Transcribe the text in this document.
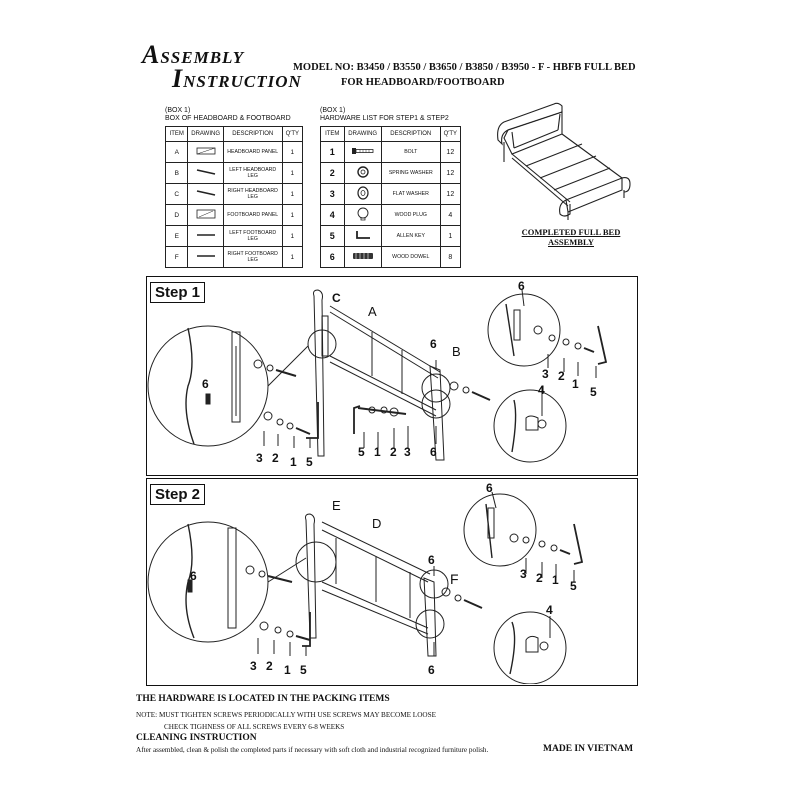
ASSEMBLY
INSTRUCTION
MODEL NO: B3450 / B3550 / B3650 / B3850 / B3950 - F - HBFB FULL BED
FOR HEADBOARD/FOOTBOARD
(BOX 1)
BOX OF HEADBOARD & FOOTBOARD
ITEM	DRAWING	DESCRIPTION	Q'TY
A		HEADBOARD PANEL	1
B		LEFT HEADBOARD LEG	1
C		RIGHT HEADBOARD LEG	1
D		FOOTBOARD PANEL	1
E		LEFT FOOTBOARD LEG	1
F		RIGHT FOOTBOARD LEG	1
(BOX 1)
HARDWARE LIST FOR STEP1 & STEP2
ITEM	DRAWING	DESCRIPTION	Q'TY
1		BOLT	12
2		SPRING WASHER	12
3		FLAT WASHER	12
4		WOOD PLUG	4
5		ALLEN KEY	1
6		WOOD DOWEL	8
COMPLETED FULL BED ASSEMBLY
Step 1	C
A
B
6
3 2 1 5
6
5 1 2 3 6
6
3 2
1
5
4
Step 2
E
D
F
6
3 2 1 5
6
6
6
3 2 1 5
4
THE HARDWARE IS LOCATED IN THE PACKING ITEMS
NOTE: MUST TIGHTEN SCREWS PERIODICALLY WITH USE SCREWS MAY BECOME LOOSE
CHECK TIGHNESS OF ALL SCREWS EVERY 6-8 WEEKS
CLEANING INSTRUCTION
After assembled, clean & polish the completed parts if necessary with soft cloth and industrial recognized furniture polish.	MADE IN VIETNAM
